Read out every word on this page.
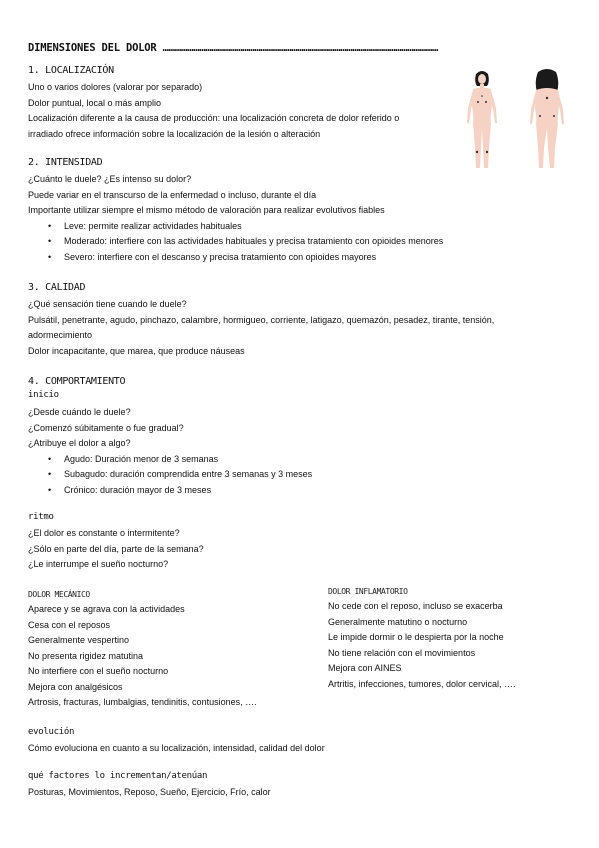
DIMENSIONES DEL DOLOR ………………………………………………………………………………………………………………………
1. LOCALIZACIÓN
Uno o varios dolores (valorar por separado)
Dolor puntual, local o más amplio
Localización diferente a la causa de producción: una localización concreta de dolor referido o
irradiado ofrece información sobre la localización de la lesión o alteración
2. INTENSIDAD
¿Cuánto le duele? ¿Es intenso su dolor?
Puede variar en el transcurso de la enfermedad o incluso, durante el día
Importante utilizar siempre el mismo método de valoración para realizar evolutivos fiables
• Leve: permite realizar actividades habituales
• Moderado: interfiere con las actividades habituales y precisa tratamiento con opioides menores
• Severo: interfiere con el descanso y precisa tratamiento con opioides mayores
3. CALIDAD
¿Qué sensación tiene cuando le duele?
Pulsátil, penetrante, agudo, pinchazo, calambre, hormigueo, corriente, latigazo, quemazón, pesadez, tirante, tensión,
adormecimiento
Dolor incapacitante, que marea, que produce náuseas
4. COMPORTAMIENTO
inicio
¿Desde cuándo le duele?
¿Comenzó súbitamente o fue gradual?
¿Atribuye el dolor a algo?
• Agudo: Duración menor de 3 semanas
• Subagudo: duración comprendida entre 3 semanas y 3 meses
• Crónico: duración mayor de 3 meses
ritmo
¿El dolor es constante o intermitente?
¿Sólo en parte del día, parte de la semana?
¿Le interrumpe el sueño nocturno?
DOLOR MECÁNICO
Aparece y se agrava con la actividades
Cesa con el reposos
Generalmente vespertino
No presenta rigidez matutina
No interfiere con el sueño nocturno
Mejora con analgésicos
Artrosis, fracturas, lumbalgias, tendinitis, contusiones, ….
DOLOR INFLAMATORIO
No cede con el reposo, incluso se exacerba
Generalmente matutino o nocturno
Le impide dormir o le despierta por la noche
No tiene relación con el movimientos
Mejora con AINES
Artritis, infecciones, tumores, dolor cervical, ….
evolución
Cómo evoluciona en cuanto a su localización, intensidad, calidad del dolor
qué factores lo incrementan/atenúan
Posturas, Movimientos, Reposo, Sueño, Ejercicio, Frío, calor
